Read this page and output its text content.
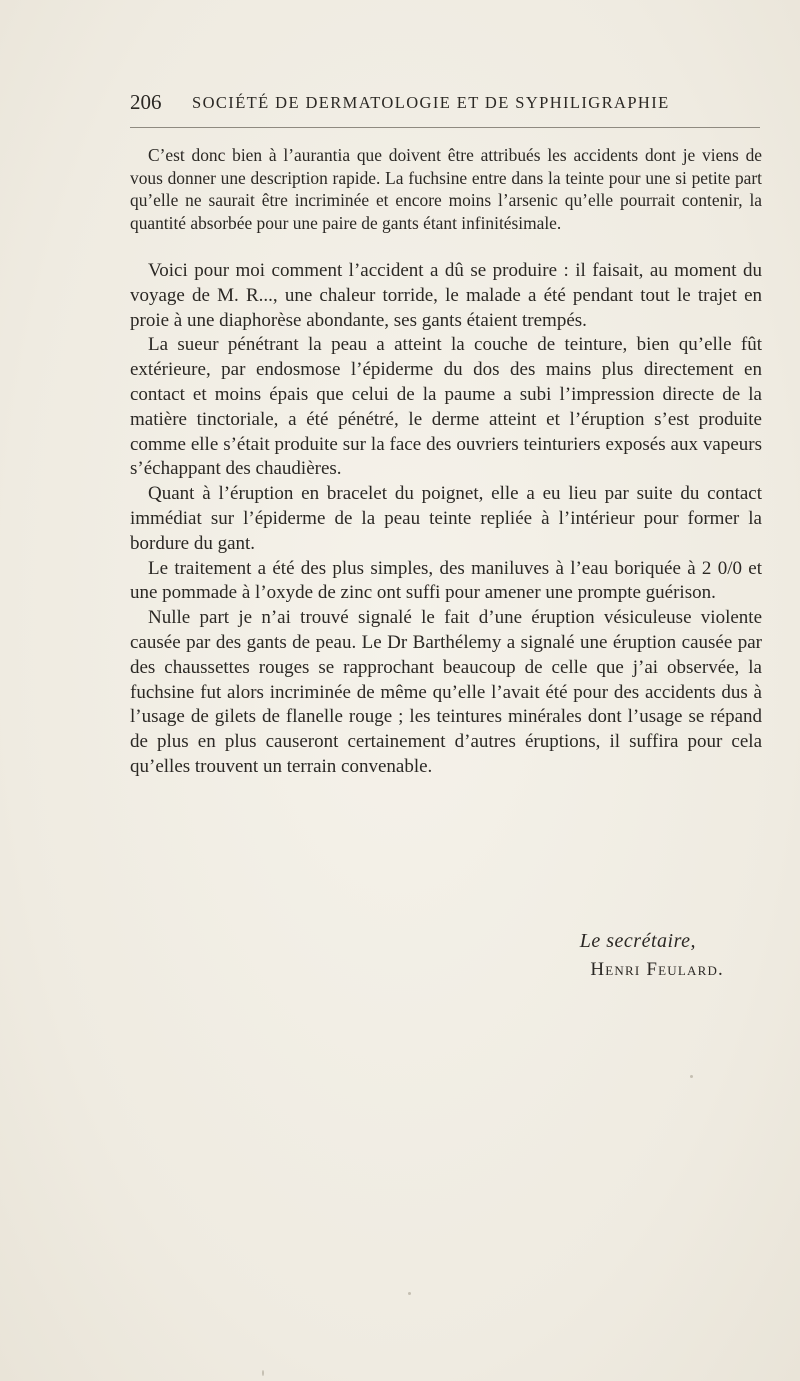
206 SOCIÉTÉ DE DERMATOLOGIE ET DE SYPHILIGRAPHIE

C’est donc bien à l’aurantia que doivent être attribués les accidents dont je viens de vous donner une description rapide. La fuchsine entre dans la teinte pour une si petite part qu’elle ne saurait être incriminée et encore moins l’arsenic qu’elle pourrait contenir, la quantité absorbée pour une paire de gants étant infinitésimale.

Voici pour moi comment l’accident a dû se produire : il faisait, au moment du voyage de M. R..., une chaleur torride, le malade a été pendant tout le trajet en proie à une diaphorèse abondante, ses gants étaient trempés.

La sueur pénétrant la peau a atteint la couche de teinture, bien qu’elle fût extérieure, par endosmose l’épiderme du dos des mains plus directement en contact et moins épais que celui de la paume a subi l’impression directe de la matière tinctoriale, a été pénétré, le derme atteint et l’éruption s’est produite comme elle s’était produite sur la face des ouvriers teinturiers exposés aux vapeurs s’échappant des chaudières.

Quant à l’éruption en bracelet du poignet, elle a eu lieu par suite du contact immédiat sur l’épiderme de la peau teinte repliée à l’intérieur pour former la bordure du gant.

Le traitement a été des plus simples, des maniluves à l’eau boriquée à 2 0/0 et une pommade à l’oxyde de zinc ont suffi pour amener une prompte guérison.

Nulle part je n’ai trouvé signalé le fait d’une éruption vésiculeuse violente causée par des gants de peau. Le Dr Barthélemy a signalé une éruption causée par des chaussettes rouges se rapprochant beaucoup de celle que j’ai observée, la fuchsine fut alors incriminée de même qu’elle l’avait été pour des accidents dus à l’usage de gilets de flanelle rouge ; les teintures minérales dont l’usage se répand de plus en plus causeront certainement d’autres éruptions, il suffira pour cela qu’elles trouvent un terrain convenable.

Le secrétaire,
Henri Feulard.
